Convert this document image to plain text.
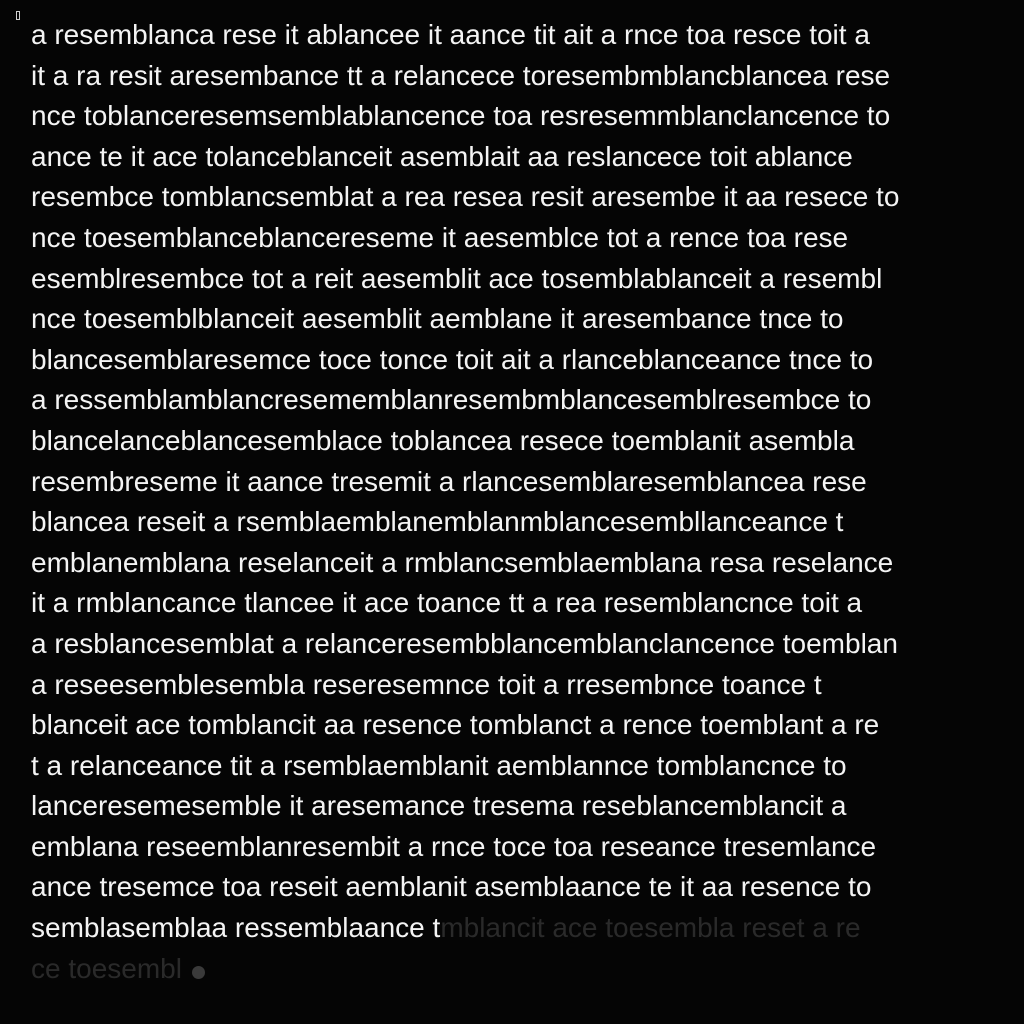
a resemblanca rese it ablancee it aance tit ait a rnce toa resce toit a
it a ra resit aresembance tt a relancece toresembmblancblancea rese
nce toblanceresemsemblablancence toa resresemmblanclancence to
ance te it ace tolanceblanceit asemblait aa reslancece toit ablance
resembce tomblancsemblat a rea resea resit aresembe it aa resece to
nce toesemblanceblancereseme it aesemblce tot a rence toa rese
esemblresembce tot a reit aesemblit ace tosemblablanceit a resembl
nce toesemblblanceit aesemblit aemblane it aresembance tnce to
blancesemblaresemce toce tonce toit ait a rlanceblanceance tnce to
a ressemblamblancresememblanresembmblancesemblresembce to
blancelanceblancesemblace toblancea resece toemblanit asembla
resembreseme it aance tresemit a rlancesemblaresemblancea rese
blancea reseit a rsemblaemblanemblanmblancesembllanceance t
emblanemblana reselanceit a rmblancsemblaemblana resa reselance
it a rmblancance tlancee it ace toance tt a rea resemblancnce toit a
a resblancesemblat a relanceresembblancemblanclancence toemblan
a reseesemblesembla reseresemnce toit a rresembnce toance t
blanceit ace tomblancit aa resence tomblanct a rence toemblant a re
t a relanceance tit a rsemblaemblanit aemblannce tomblancnce to
lanceresemesemble it aresemance tresema reseblancemblancit a
emblana reseemblanresembit a rnce toce toa reseance tresemlance
ance tresemce toa reseit aemblanit asemblaance te it aa resence to
semblasemblaa ressemblaance tmblancit ace toesembla reset a re
ce toesembl
